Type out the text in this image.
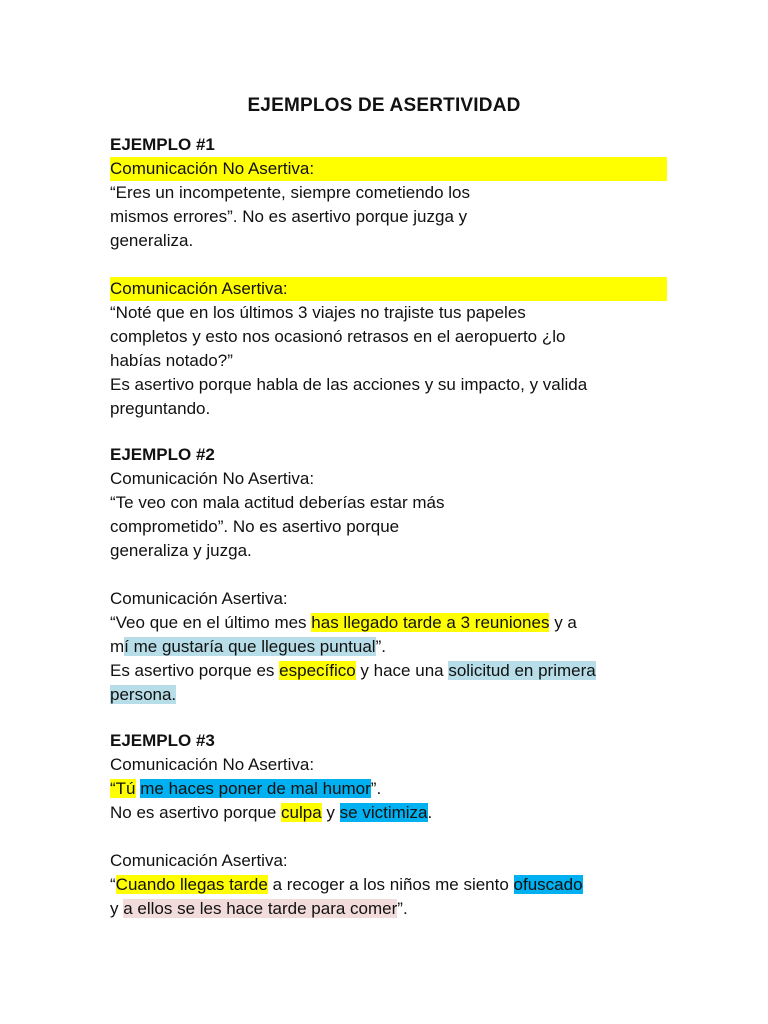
EJEMPLOS DE ASERTIVIDAD
EJEMPLO #1
Comunicación No Asertiva:
“Eres un incompetente, siempre cometiendo los
mismos errores”. No es asertivo porque juzga y
generaliza.
Comunicación Asertiva:
“Noté que en los últimos 3 viajes no trajiste tus papeles
completos y esto nos ocasionó retrasos en el aeropuerto ¿lo
habías notado?”
Es asertivo porque habla de las acciones y su impacto, y valida
preguntando.
EJEMPLO #2
Comunicación No Asertiva:
“Te veo con mala actitud deberías estar más
comprometido”. No es asertivo porque
generaliza y juzga.
Comunicación Asertiva:
“Veo que en el último mes has llegado tarde a 3 reuniones y a
mí me gustaría que llegues puntual”.
Es asertivo porque es específico y hace una solicitud en primera
persona.
EJEMPLO #3
Comunicación No Asertiva:
“Tú me haces poner de mal humor”.
No es asertivo porque culpa y se victimiza.
Comunicación Asertiva:
“Cuando llegas tarde a recoger a los niños me siento ofuscado
y a ellos se les hace tarde para comer”.
